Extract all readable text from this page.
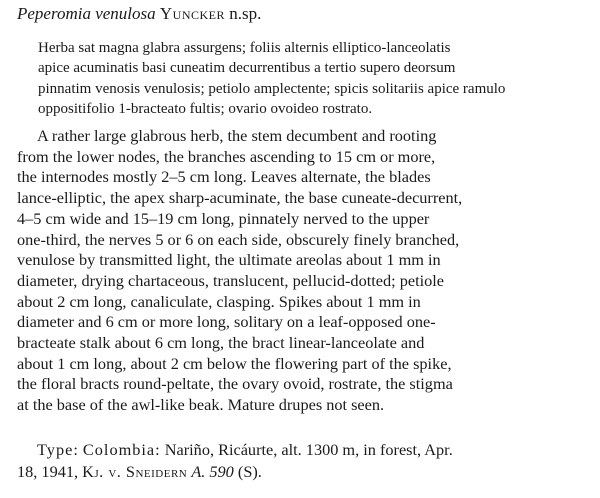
Peperomia venulosa Yuncker n.sp.
Herba sat magna glabra assurgens; foliis alternis elliptico-lanceolatis
apice acuminatis basi cuneatim decurrentibus a tertio supero deorsum
pinnatim venosis venulosis; petiolo amplectente; spicis solitariis apice ramulo
oppositifolio 1-bracteato fultis; ovario ovoideo rostrato.
A rather large glabrous herb, the stem decumbent and rooting
from the lower nodes, the branches ascending to 15 cm or more,
the internodes mostly 2–5 cm long. Leaves alternate, the blades
lance-elliptic, the apex sharp-acuminate, the base cuneate-decurrent,
4–5 cm wide and 15–19 cm long, pinnately nerved to the upper
one-third, the nerves 5 or 6 on each side, obscurely finely branched,
venulose by transmitted light, the ultimate areolas about 1 mm in
diameter, drying chartaceous, translucent, pellucid-dotted; petiole
about 2 cm long, canaliculate, clasping. Spikes about 1 mm in
diameter and 6 cm or more long, solitary on a leaf-opposed one-
bracteate stalk about 6 cm long, the bract linear-lanceolate and
about 1 cm long, about 2 cm below the flowering part of the spike,
the floral bracts round-peltate, the ovary ovoid, rostrate, the stigma
at the base of the awl-like beak. Mature drupes not seen.
Type: Colombia: Nariño, Ricáurte, alt. 1300 m, in forest, Apr.
18, 1941, Kj. v. Sneidern A. 590 (S).
